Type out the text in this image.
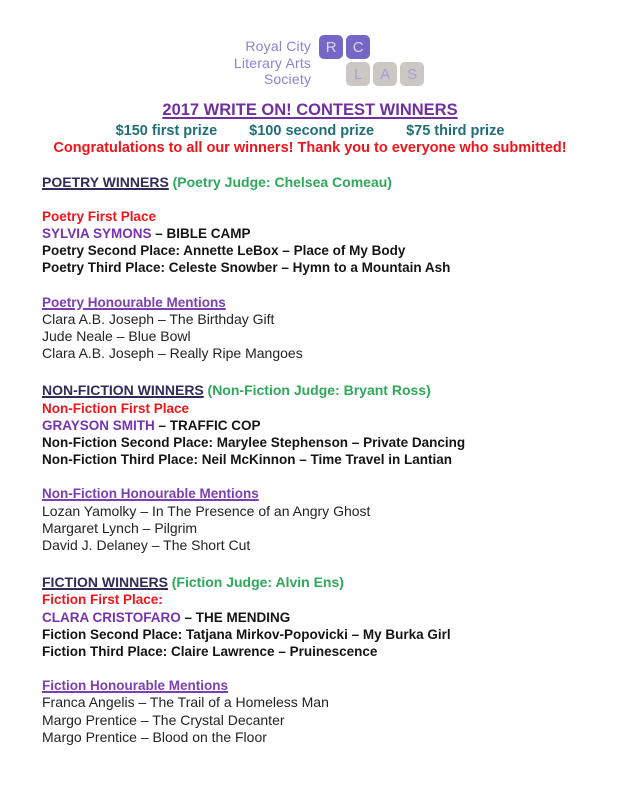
Royal City
Literary Arts
Society
R	C
L	A	S
2017 WRITE ON! CONTEST WINNERS
$150 first prize $100 second prize $75 third prize
Congratulations to all our winners! Thank you to everyone who submitted!
POETRY WINNERS (Poetry Judge: Chelsea Comeau)
Poetry First Place
SYLVIA SYMONS – BIBLE CAMP
Poetry Second Place: Annette LeBox – Place of My Body
Poetry Third Place: Celeste Snowber – Hymn to a Mountain Ash
Poetry Honourable Mentions
Clara A.B. Joseph – The Birthday Gift
Jude Neale – Blue Bowl
Clara A.B. Joseph – Really Ripe Mangoes
NON-FICTION WINNERS (Non-Fiction Judge: Bryant Ross)
Non-Fiction First Place
GRAYSON SMITH – TRAFFIC COP
Non-Fiction Second Place: Marylee Stephenson – Private Dancing
Non-Fiction Third Place: Neil McKinnon – Time Travel in Lantian
Non-Fiction Honourable Mentions
Lozan Yamolky – In The Presence of an Angry Ghost
Margaret Lynch – Pilgrim
David J. Delaney – The Short Cut
FICTION WINNERS (Fiction Judge: Alvin Ens)
Fiction First Place:
CLARA CRISTOFARO – THE MENDING
Fiction Second Place: Tatjana Mirkov-Popovicki – My Burka Girl
Fiction Third Place: Claire Lawrence – Pruinescence
Fiction Honourable Mentions
Franca Angelis – The Trail of a Homeless Man
Margo Prentice – The Crystal Decanter
Margo Prentice – Blood on the Floor
